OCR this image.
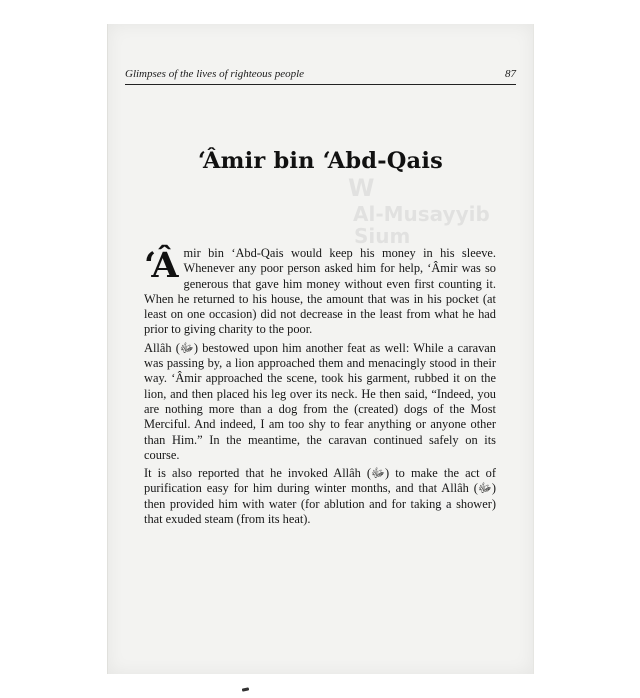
W
Al-Musayyib
Sium
Glimpses of the lives of righteous people	87
‘Âmir bin ‘Abd-Qais

‘Âmir bin ‘Abd-Qais would keep his money in his sleeve. Whenever any poor person asked him for help, ‘Âmir was so generous that gave him money without even first counting it. When he returned to his house, the amount that was in his pocket (at least on one occasion) did not decrease in the least from what he had prior to giving charity to the poor.

Allâh (ﷻ) bestowed upon him another feat as well: While a caravan was passing by, a lion approached them and menacingly stood in their way. ‘Âmir approached the scene, took his garment, rubbed it on the lion, and then placed his leg over its neck. He then said, “Indeed, you are nothing more than a dog from the (created) dogs of the Most Merciful. And indeed, I am too shy to fear anything or anyone other than Him.” In the meantime, the caravan continued safely on its course.

It is also reported that he invoked Allâh (ﷻ) to make the act of purification easy for him during winter months, and that Allâh (ﷻ) then provided him with water (for ablution and for taking a shower) that exuded steam (from its heat).
